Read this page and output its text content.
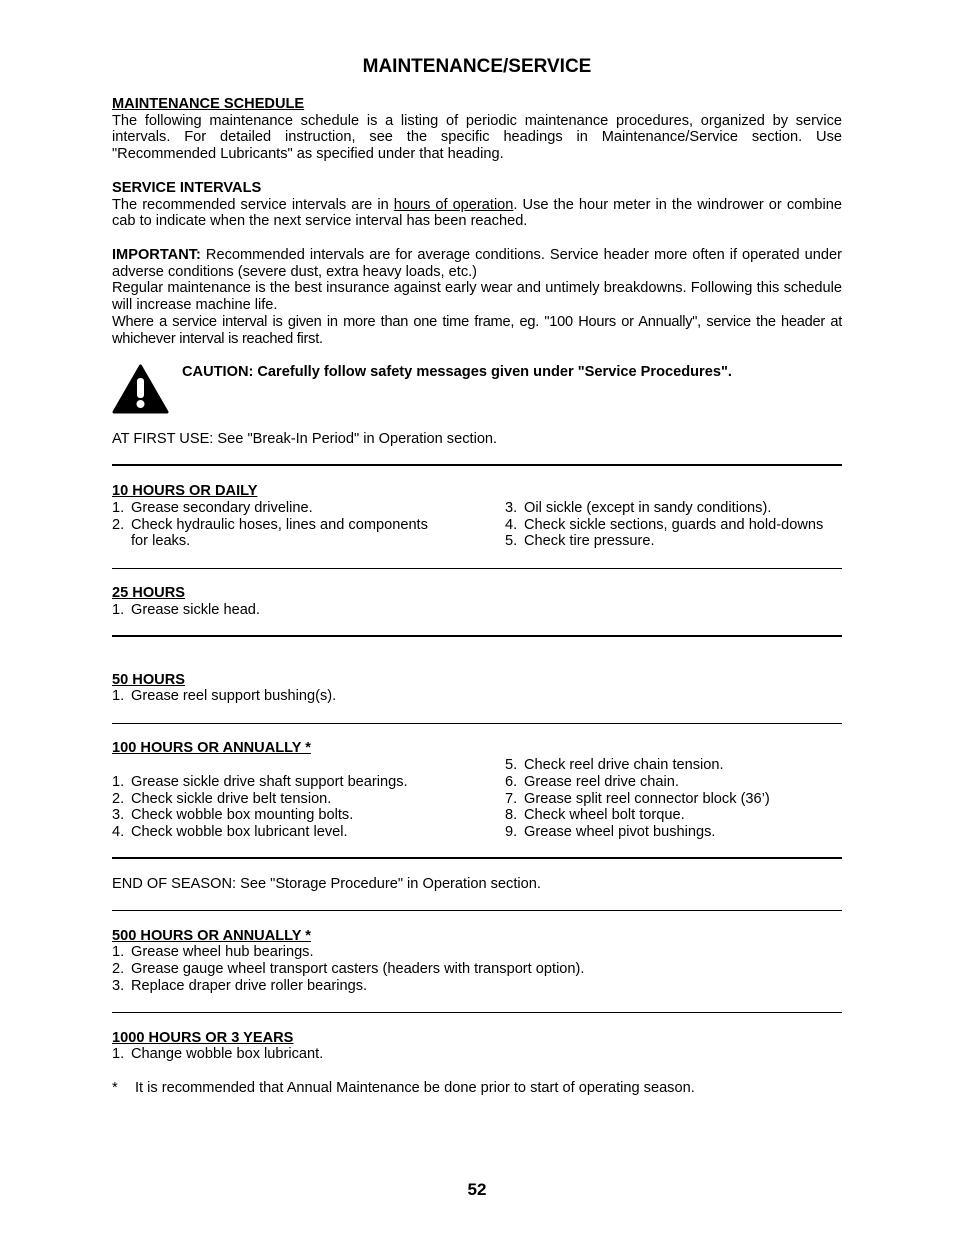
MAINTENANCE/SERVICE
MAINTENANCE SCHEDULE
The following maintenance schedule is a listing of periodic maintenance procedures, organized by service intervals. For detailed instruction, see the specific headings in Maintenance/Service section. Use "Recommended Lubricants" as specified under that heading.
SERVICE INTERVALS
The recommended service intervals are in hours of operation. Use the hour meter in the windrower or combine cab to indicate when the next service interval has been reached.
IMPORTANT: Recommended intervals are for average conditions. Service header more often if operated under adverse conditions (severe dust, extra heavy loads, etc.)
Regular maintenance is the best insurance against early wear and untimely breakdowns. Following this schedule will increase machine life.
Where a service interval is given in more than one time frame, eg. "100 Hours or Annually", service the header at whichever interval is reached first.
CAUTION: Carefully follow safety messages given under "Service Procedures".
AT FIRST USE: See "Break-In Period" in Operation section.
10 HOURS OR DAILY
1. Grease secondary driveline.
2. Check hydraulic hoses, lines and components
for leaks.
3. Oil sickle (except in sandy conditions).
4. Check sickle sections, guards and hold-downs
5. Check tire pressure.
25 HOURS
1. Grease sickle head.
50 HOURS
1. Grease reel support bushing(s).
100 HOURS OR ANNUALLY *
1. Grease sickle drive shaft support bearings.
2. Check sickle drive belt tension.
3. Check wobble box mounting bolts.
4. Check wobble box lubricant level.
5. Check reel drive chain tension.
6. Grease reel drive chain.
7. Grease split reel connector block (36’)
8. Check wheel bolt torque.
9. Grease wheel pivot bushings.
END OF SEASON: See "Storage Procedure" in Operation section.
500 HOURS OR ANNUALLY *
1. Grease wheel hub bearings.
2. Grease gauge wheel transport casters (headers with transport option).
3. Replace draper drive roller bearings.
1000 HOURS OR 3 YEARS
1. Change wobble box lubricant.
* It is recommended that Annual Maintenance be done prior to start of operating season.
52
